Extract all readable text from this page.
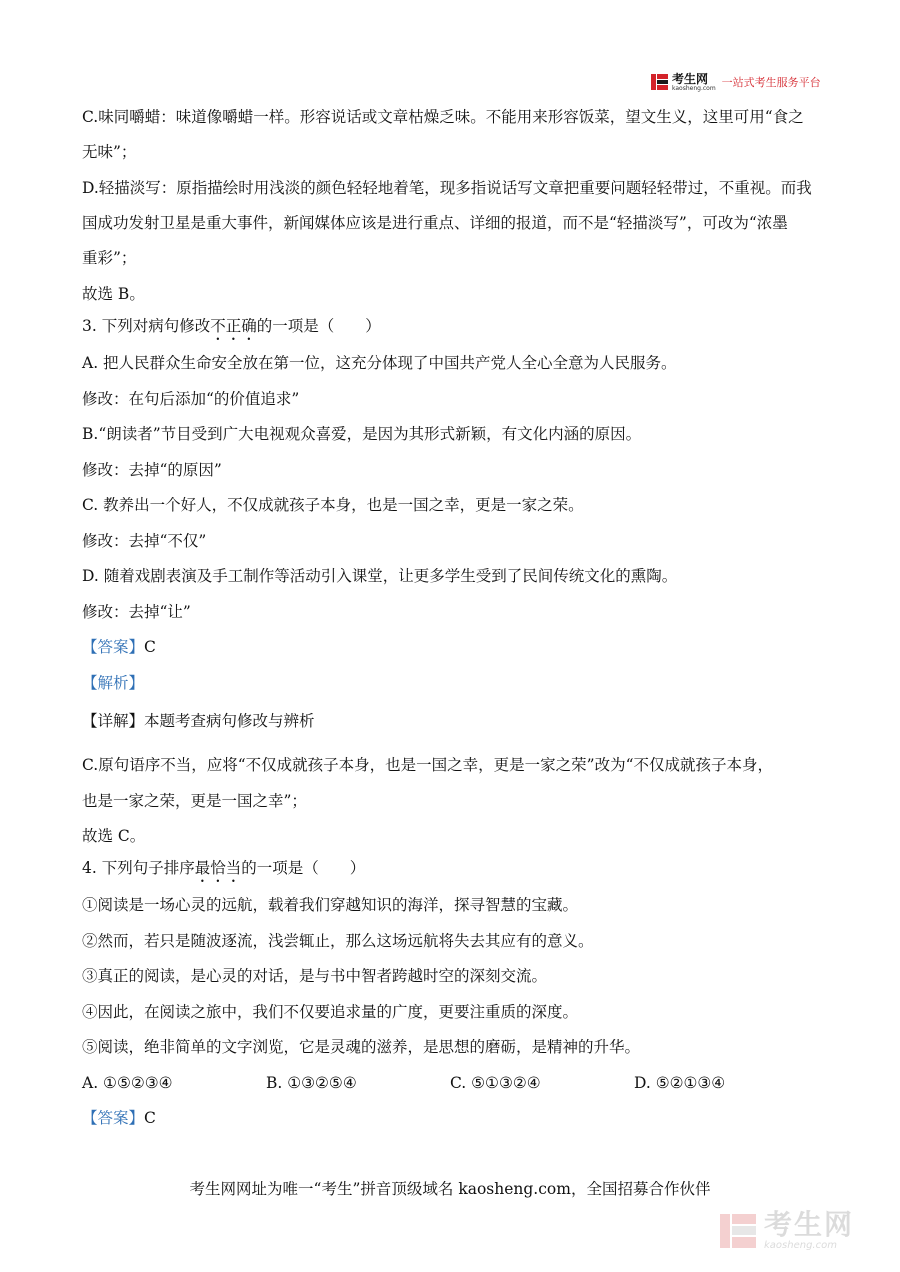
考生网
kaosheng.com 一站式考生服务平台
C.味同嚼蜡：味道像嚼蜡一样。形容说话或文章枯燥乏味。不能用来形容饭菜，望文生义，这里可用“食之
无味”；
D.轻描淡写：原指描绘时用浅淡的颜色轻轻地着笔，现多指说话写文章把重要问题轻轻带过，不重视。而我
国成功发射卫星是重大事件，新闻媒体应该是进行重点、详细的报道，而不是“轻描淡写”，可改为“浓墨
重彩”；
故选 B。
3. 下列对病句修改不正确的一项是（　　）
A. 把人民群众生命安全放在第一位，这充分体现了中国共产党人全心全意为人民服务。
修改：在句后添加“的价值追求”
B.“朗读者”节目受到广大电视观众喜爱，是因为其形式新颖，有文化内涵的原因。
修改：去掉“的原因”
C. 教养出一个好人，不仅成就孩子本身，也是一国之幸，更是一家之荣。
修改：去掉“不仅”
D. 随着戏剧表演及手工制作等活动引入课堂，让更多学生受到了民间传统文化的熏陶。
修改：去掉“让”
【答案】C
【解析】
【详解】本题考查病句修改与辨析
C.原句语序不当，应将“不仅成就孩子本身，也是一国之幸，更是一家之荣”改为“不仅成就孩子本身，
也是一家之荣，更是一国之幸”；
故选 C。
4. 下列句子排序最恰当的一项是（　　）
①阅读是一场心灵的远航，载着我们穿越知识的海洋，探寻智慧的宝藏。
②然而，若只是随波逐流，浅尝辄止，那么这场远航将失去其应有的意义。
③真正的阅读，是心灵的对话，是与书中智者跨越时空的深刻交流。
④因此，在阅读之旅中，我们不仅要追求量的广度，更要注重质的深度。
⑤阅读，绝非简单的文字浏览，它是灵魂的滋养，是思想的磨砺，是精神的升华。
A. ①⑤②③④	B. ①③②⑤④	C. ⑤①③②④	D. ⑤②①③④
【答案】C
考生网网址为唯一“考生”拼音顶级域名 kaosheng.com，全国招募合作伙伴
考生网
kaosheng.com
